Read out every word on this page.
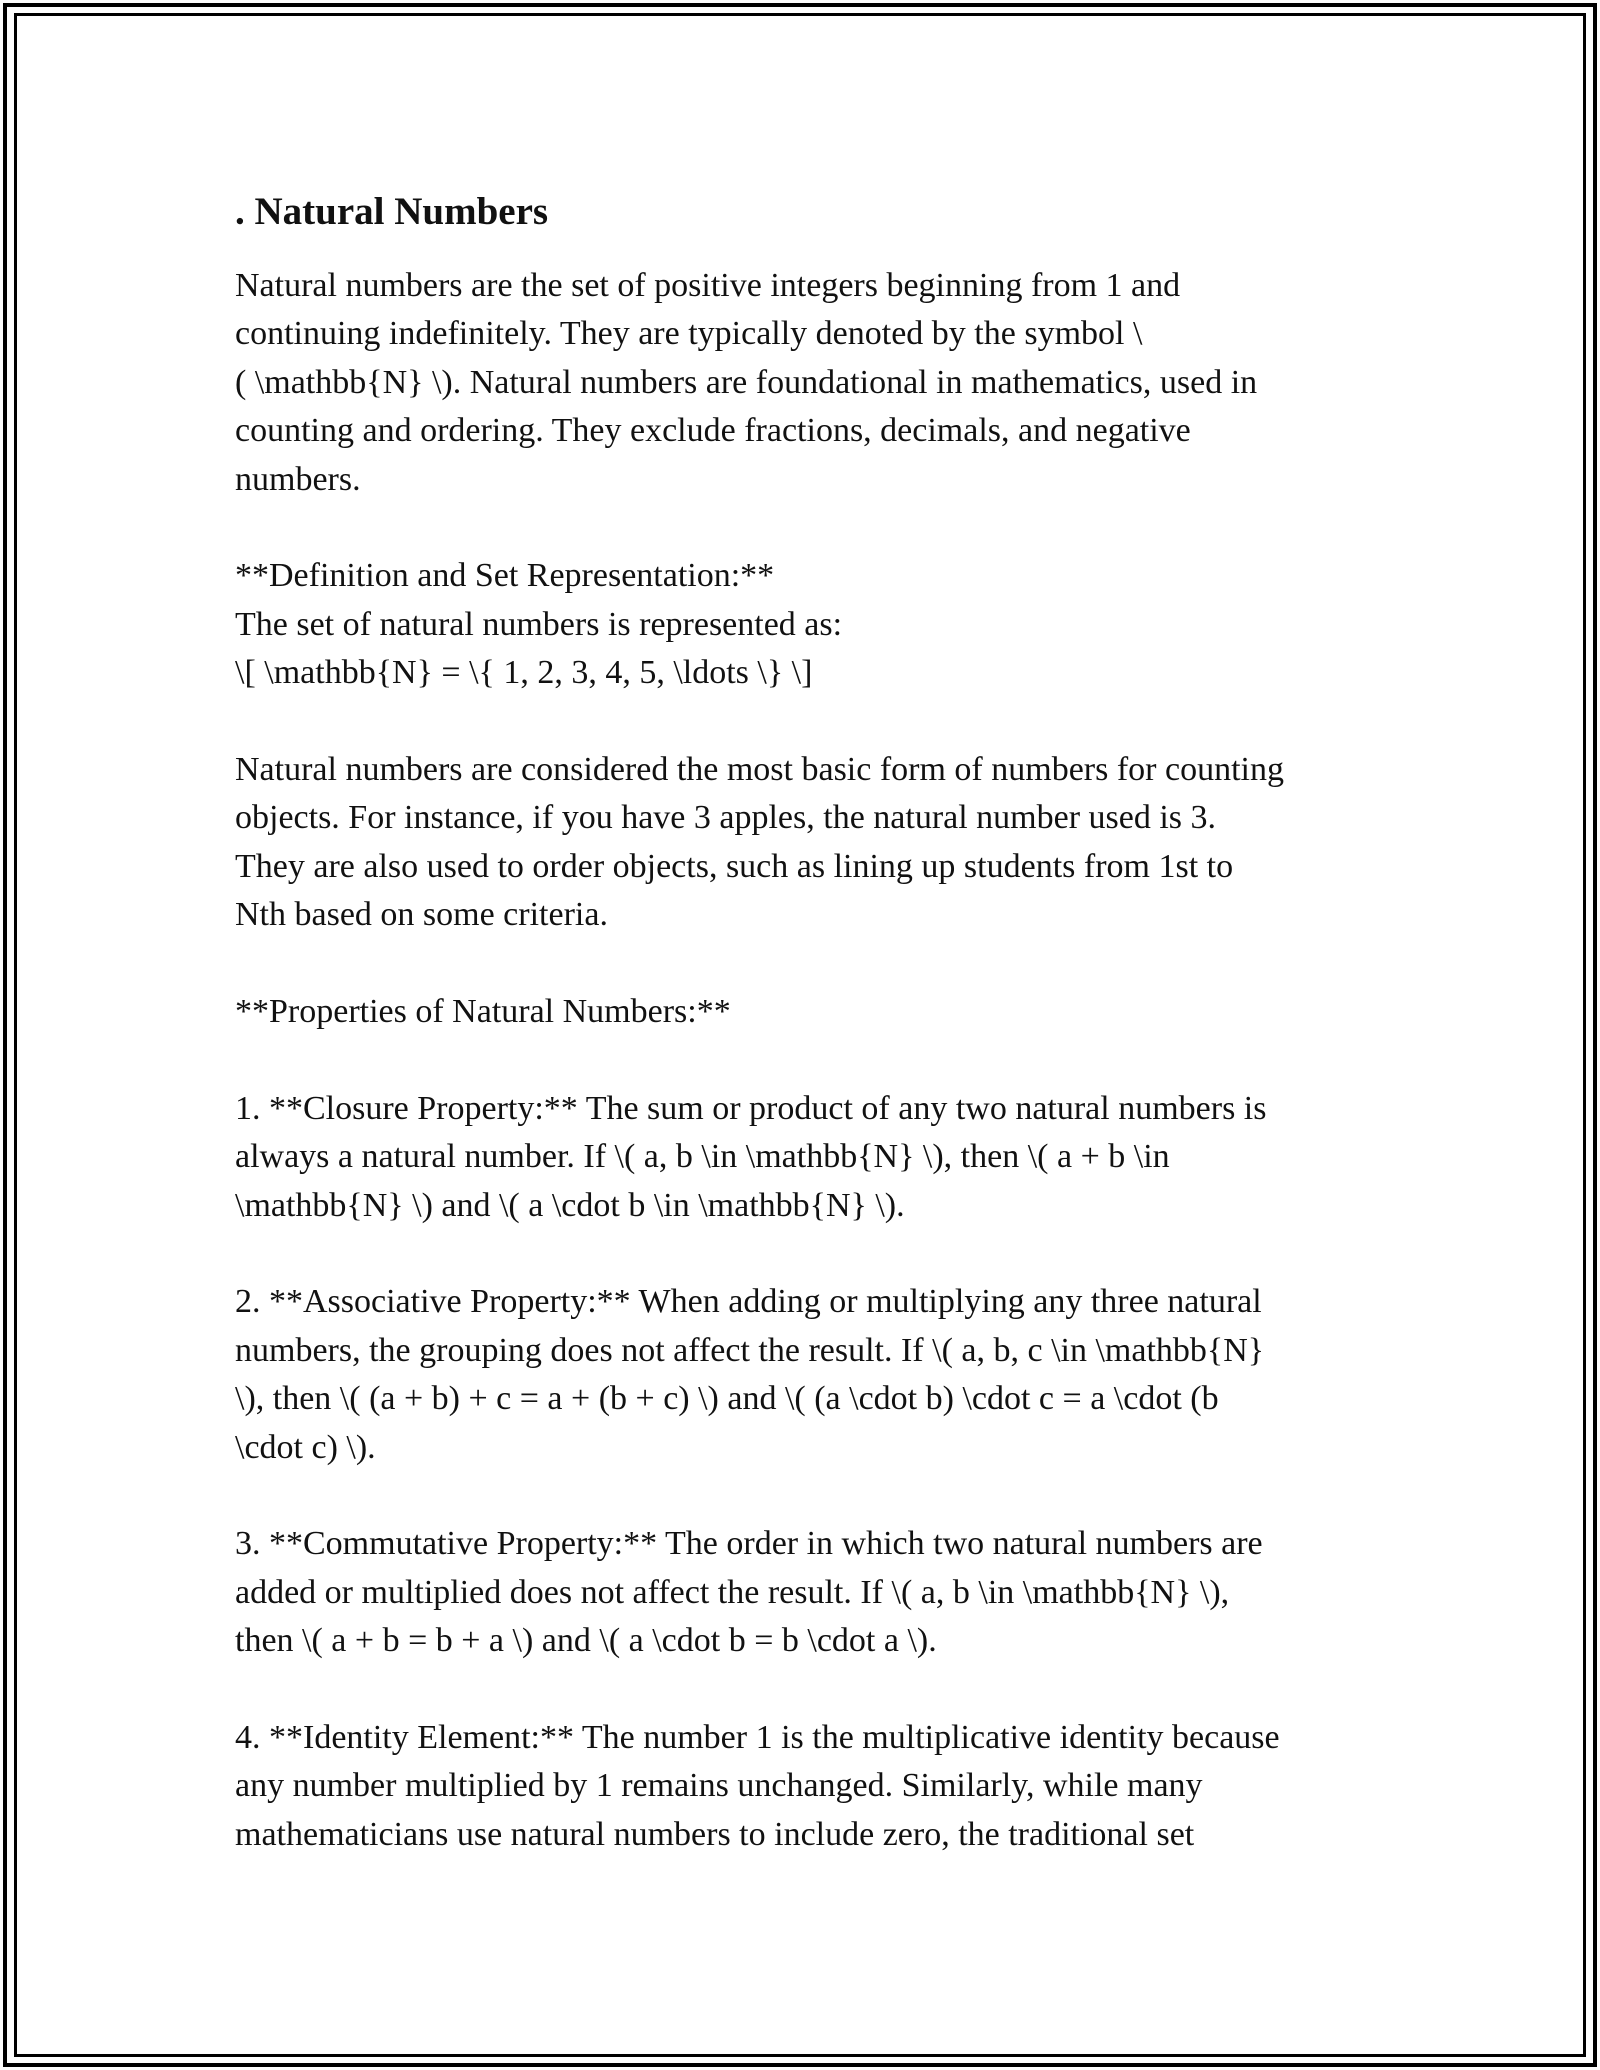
. Natural Numbers
Natural numbers are the set of positive integers beginning from 1 and
continuing indefinitely. They are typically denoted by the symbol \
( \mathbb{N} \). Natural numbers are foundational in mathematics, used in
counting and ordering. They exclude fractions, decimals, and negative
numbers.
**Definition and Set Representation:**
The set of natural numbers is represented as:
\[ \mathbb{N} = \{ 1, 2, 3, 4, 5, \ldots \} \]
Natural numbers are considered the most basic form of numbers for counting
objects. For instance, if you have 3 apples, the natural number used is 3.
They are also used to order objects, such as lining up students from 1st to
Nth based on some criteria.
**Properties of Natural Numbers:**
1. **Closure Property:** The sum or product of any two natural numbers is
always a natural number. If \( a, b \in \mathbb{N} \), then \( a + b \in
\mathbb{N} \) and \( a \cdot b \in \mathbb{N} \).
2. **Associative Property:** When adding or multiplying any three natural
numbers, the grouping does not affect the result. If \( a, b, c \in \mathbb{N}
\), then \( (a + b) + c = a + (b + c) \) and \( (a \cdot b) \cdot c = a \cdot (b
\cdot c) \).
3. **Commutative Property:** The order in which two natural numbers are
added or multiplied does not affect the result. If \( a, b \in \mathbb{N} \),
then \( a + b = b + a \) and \( a \cdot b = b \cdot a \).
4. **Identity Element:** The number 1 is the multiplicative identity because
any number multiplied by 1 remains unchanged. Similarly, while many
mathematicians use natural numbers to include zero, the traditional set
